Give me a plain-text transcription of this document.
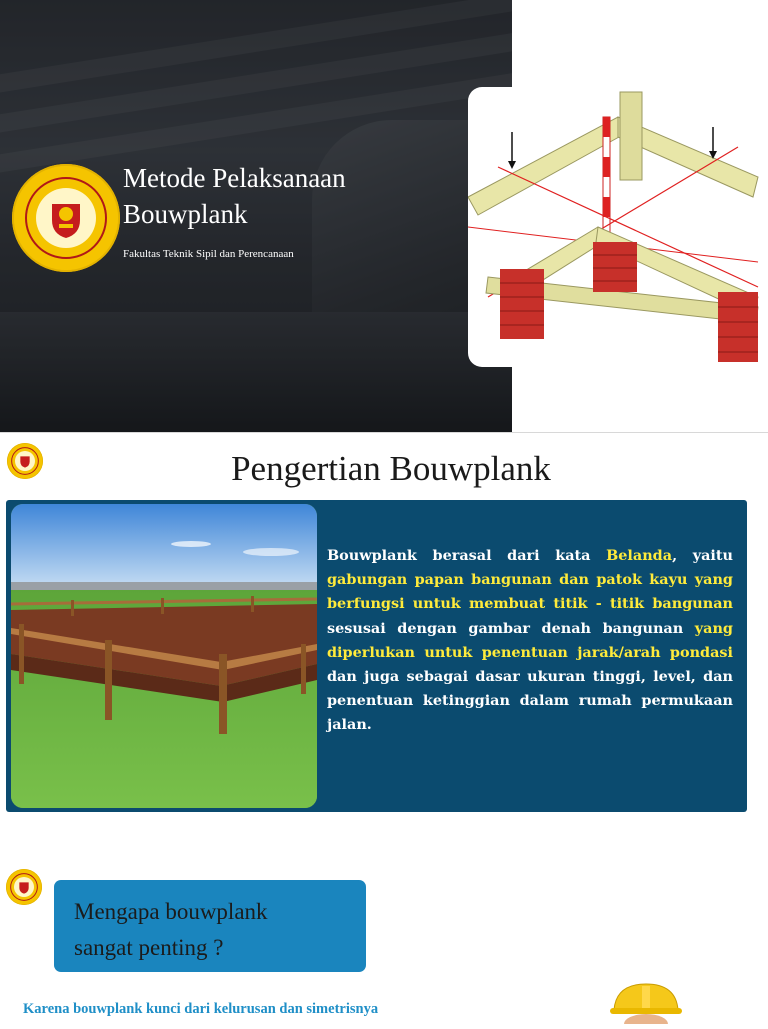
Metode Pelaksanaan
Bouwplank
Fakultas Teknik Sipil dan Perencanaan
Pengertian Bouwplank
Bouwplank berasal dari kata Belanda, yaitu gabungan papan bangunan dan patok kayu yang berfungsi untuk membuat titik - titik bangunan sesusai dengan gambar denah bangunan yang diperlukan untuk penentuan jarak/arah pondasi dan juga sebagai dasar ukuran tinggi, level, dan penentuan ketinggian dalam rumah permukaan jalan.
Mengapa bouwplank
sangat penting ?
Karena bouwplank kunci dari kelurusan dan simetrisnya
